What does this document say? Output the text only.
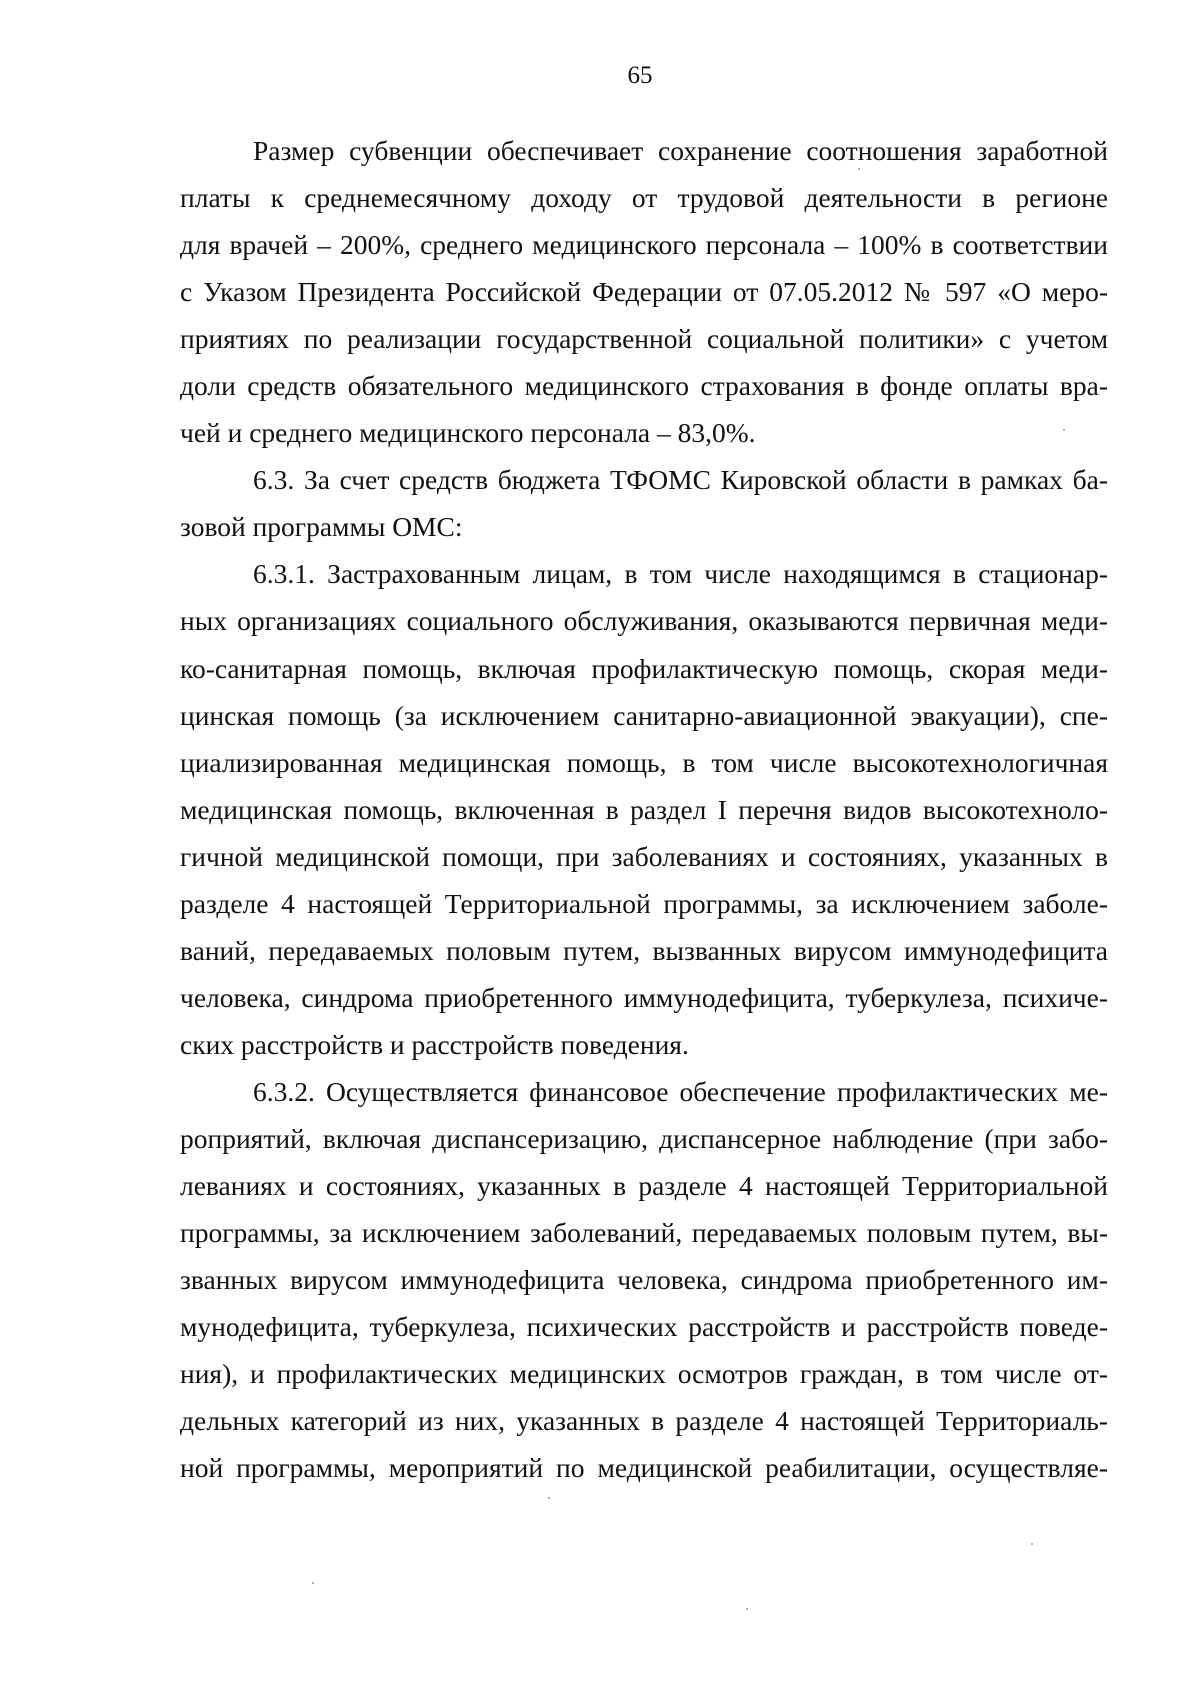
65
Размер субвенции обеспечивает сохранение соотношения заработной
платы к среднемесячному доходу от трудовой деятельности в регионе
для врачей – 200%, среднего медицинского персонала – 100% в соответствии
с Указом Президента Российской Федерации от 07.05.2012 № 597 «О меро-
приятиях по реализации государственной социальной политики» с учетом
доли средств обязательного медицинского страхования в фонде оплаты вра-
чей и среднего медицинского персонала – 83,0%.
6.3. За счет средств бюджета ТФОМС Кировской области в рамках ба-
зовой программы ОМС:
6.3.1. Застрахованным лицам, в том числе находящимся в стационар-
ных организациях социального обслуживания, оказываются первичная меди-
ко-санитарная помощь, включая профилактическую помощь, скорая меди-
цинская помощь (за исключением санитарно-авиационной эвакуации), спе-
циализированная медицинская помощь, в том числе высокотехнологичная
медицинская помощь, включенная в раздел I перечня видов высокотехноло-
гичной медицинской помощи, при заболеваниях и состояниях, указанных в
разделе 4 настоящей Территориальной программы, за исключением заболе-
ваний, передаваемых половым путем, вызванных вирусом иммунодефицита
человека, синдрома приобретенного иммунодефицита, туберкулеза, психиче-
ских расстройств и расстройств поведения.
6.3.2. Осуществляется финансовое обеспечение профилактических ме-
роприятий, включая диспансеризацию, диспансерное наблюдение (при забо-
леваниях и состояниях, указанных в разделе 4 настоящей Территориальной
программы, за исключением заболеваний, передаваемых половым путем, вы-
званных вирусом иммунодефицита человека, синдрома приобретенного им-
мунодефицита, туберкулеза, психических расстройств и расстройств поведе-
ния), и профилактических медицинских осмотров граждан, в том числе от-
дельных категорий из них, указанных в разделе 4 настоящей Территориаль-
ной программы, мероприятий по медицинской реабилитации, осуществляе-
